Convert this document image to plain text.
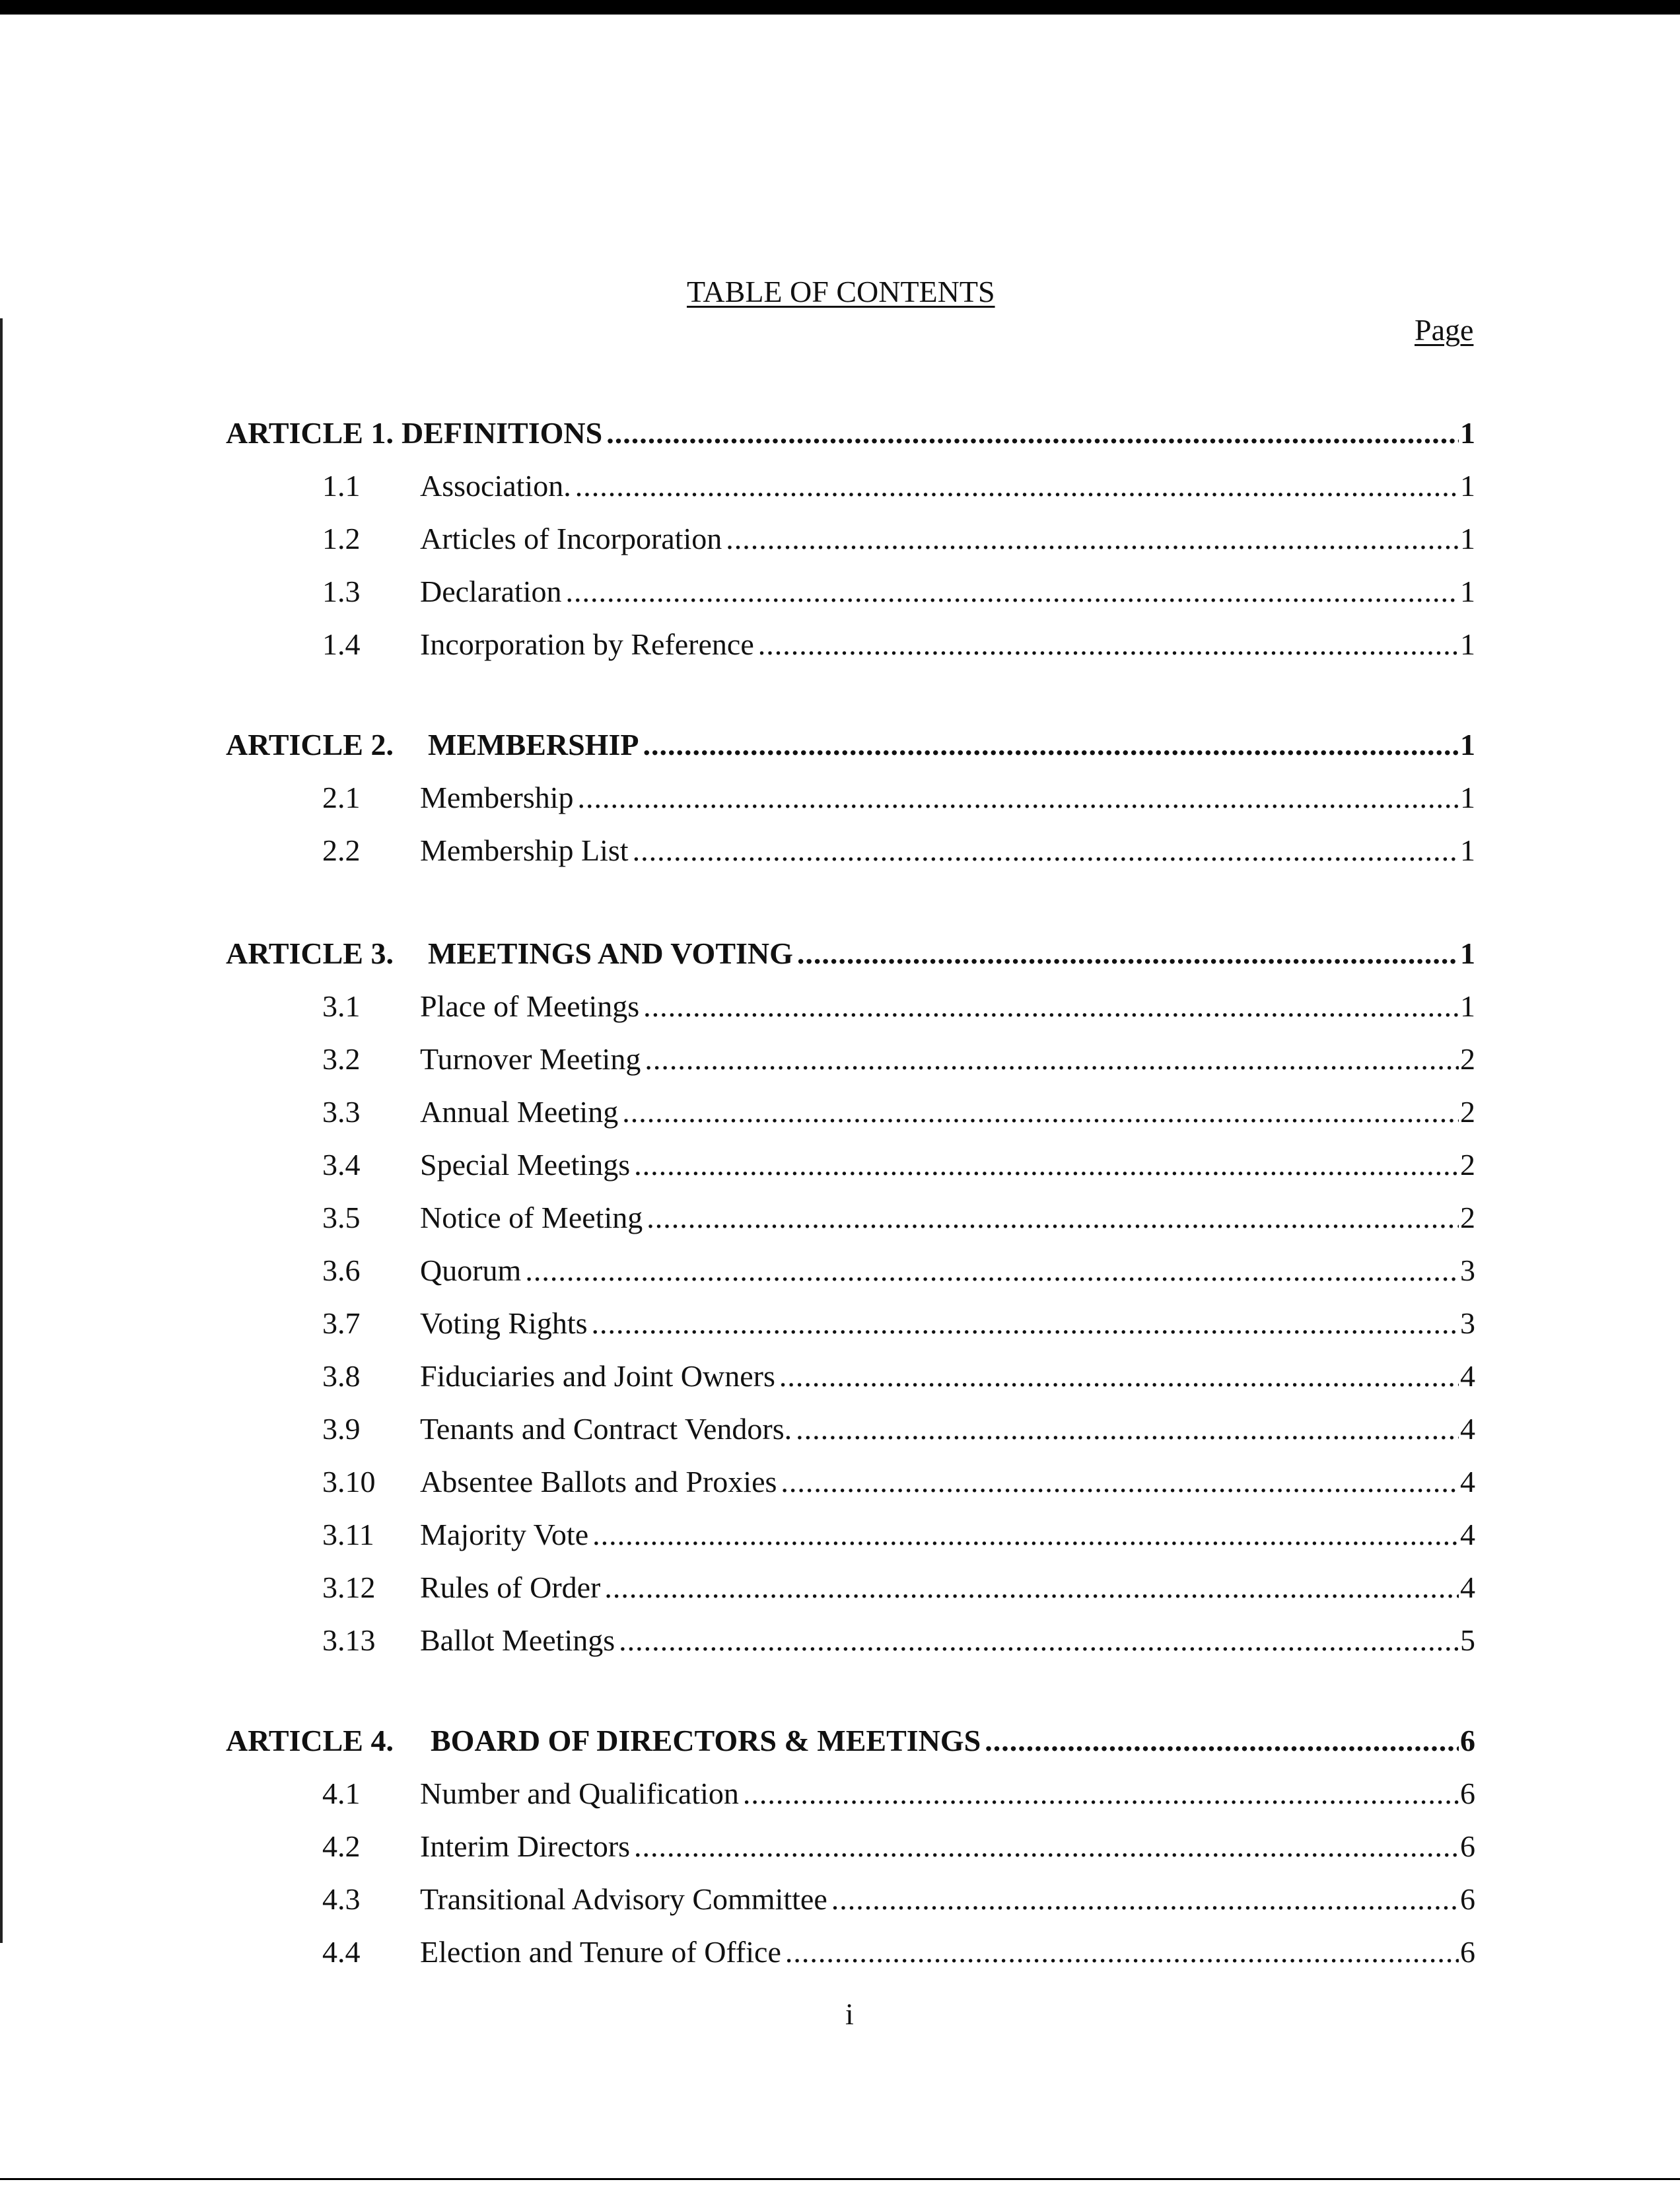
TABLE OF CONTENTS
Page
ARTICLE 1. DEFINITIONS .....	1
1.1	Association. .....	1
1.2	Articles of Incorporation .....	1
1.3	Declaration .....	1
1.4	Incorporation by Reference .....	1
ARTICLE 2.	MEMBERSHIP .....	1
2.1	Membership .....	1
2.2	Membership List .....	1
ARTICLE 3.	MEETINGS AND VOTING .....	1
3.1	Place of Meetings .....	1
3.2	Turnover Meeting .....	2
3.3	Annual Meeting .....	2
3.4	Special Meetings .....	2
3.5	Notice of Meeting .....	2
3.6	Quorum .....	3
3.7	Voting Rights .....	3
3.8	Fiduciaries and Joint Owners .....	4
3.9	Tenants and Contract Vendors. .....	4
3.10	Absentee Ballots and Proxies .....	4
3.11	Majority Vote .....	4
3.12	Rules of Order .....	4
3.13	Ballot Meetings .....	5
ARTICLE 4.	BOARD OF DIRECTORS & MEETINGS .....	6
4.1	Number and Qualification .....	6
4.2	Interim Directors .....	6
4.3	Transitional Advisory Committee .....	6
4.4	Election and Tenure of Office .....	6
i
